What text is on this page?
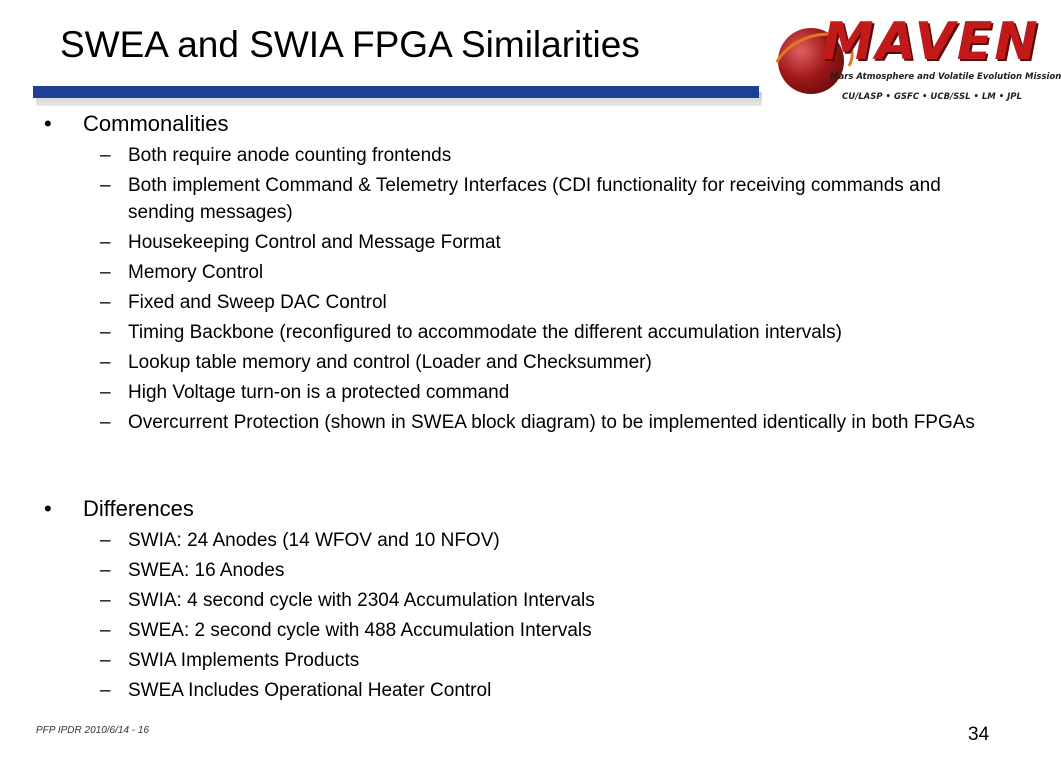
SWEA and SWIA FPGA Similarities	MAVEN
Mars Atmosphere and Volatile Evolution Mission
CU/LASP • GSFC • UCB/SSL • LM • JPL
• Commonalities
– Both require anode counting frontends
– Both implement Command & Telemetry Interfaces (CDI functionality for receiving commands and sending messages)
– Housekeeping Control and Message Format
– Memory Control
– Fixed and Sweep DAC Control
– Timing Backbone (reconfigured to accommodate the different accumulation intervals)
– Lookup table memory and control (Loader and Checksummer)
– High Voltage turn-on is a protected command
– Overcurrent Protection (shown in SWEA block diagram) to be implemented identically in both FPGAs
• Differences
– SWIA: 24 Anodes (14 WFOV and 10 NFOV)
– SWEA: 16 Anodes
– SWIA: 4 second cycle with 2304 Accumulation Intervals
– SWEA: 2 second cycle with 488 Accumulation Intervals
– SWIA Implements Products
– SWEA Includes Operational Heater Control
PFP IPDR 2010/6/14 - 16	34
